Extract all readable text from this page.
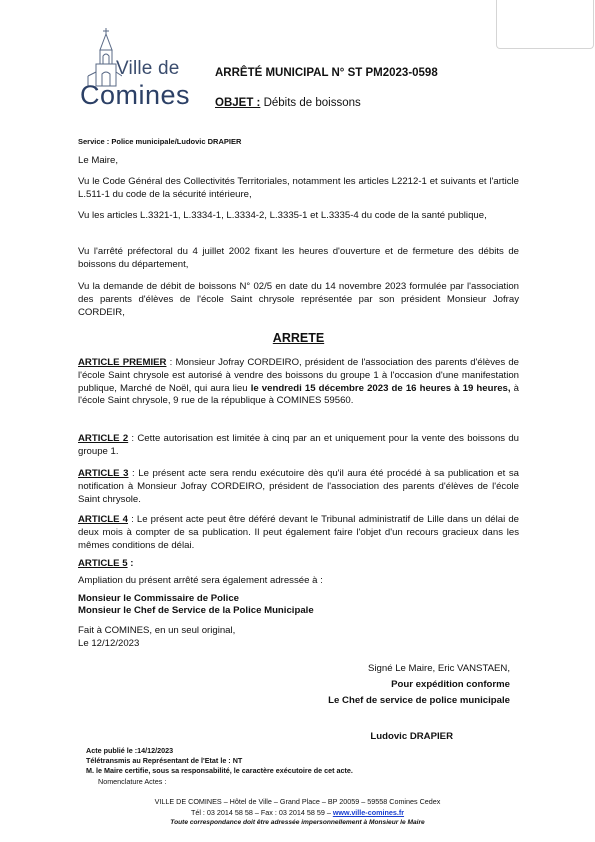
Ville de
Comines
ARRÊTÉ MUNICIPAL N° ST PM2023-0598
OBJET : Débits de boissons
Service : Police municipale/Ludovic DRAPIER
Le Maire,
Vu le Code Général des Collectivités Territoriales, notamment les articles L2212-1 et suivants et l'article L.511-1 du code de la sécurité intérieure,
Vu les articles L.3321-1, L.3334-1, L.3334-2, L.3335-1 et L.3335-4 du code de la santé publique,
Vu l'arrêté préfectoral du 4 juillet 2002 fixant les heures d'ouverture et de fermeture des débits de boissons du département,
Vu la demande de débit de boissons N° 02/5 en date du 14 novembre 2023 formulée par l'association des parents d'élèves de l'école Saint chrysole représentée par son président Monsieur Jofray CORDEIR,
ARRETE
ARTICLE PREMIER : Monsieur Jofray CORDEIRO, président de l'association des parents d'élèves de l'école Saint chrysole est autorisé à vendre des boissons du groupe 1 à l'occasion d'une manifestation publique, Marché de Noël, qui aura lieu le vendredi 15 décembre 2023 de 16 heures à 19 heures, à l'école Saint chrysole, 9 rue de la république à COMINES 59560.
ARTICLE 2 : Cette autorisation est limitée à cinq par an et uniquement pour la vente des boissons du groupe 1.
ARTICLE 3 : Le présent acte sera rendu exécutoire dès qu'il aura été procédé à sa publication et sa notification à Monsieur Jofray CORDEIRO, président de l'association des parents d'élèves de l'école Saint chrysole.
ARTICLE 4 : Le présent acte peut être déféré devant le Tribunal administratif de Lille dans un délai de deux mois à compter de sa publication. Il peut également faire l'objet d'un recours gracieux dans les mêmes conditions de délai.
ARTICLE 5 :
Ampliation du présent arrêté sera également adressée à :
Monsieur le Commissaire de Police
Monsieur le Chef de Service de la Police Municipale
Fait à COMINES, en un seul original,
Le 12/12/2023
Signé Le Maire, Eric VANSTAEN,
Pour expédition conforme
Le Chef de service de police municipale
Ludovic DRAPIER
Acte publié le :14/12/2023
Télétransmis au Représentant de l'Etat le : NT
M. le Maire certifie, sous sa responsabilité, le caractère exécutoire de cet acte.
Nomenclature Actes :
VILLE DE COMINES – Hôtel de Ville – Grand Place – BP 20059 – 59558 Comines Cedex
Tél : 03 2014 58 58 – Fax : 03 2014 58 59 – www.ville-comines.fr
Toute correspondance doit être adressée impersonnellement à Monsieur le Maire
